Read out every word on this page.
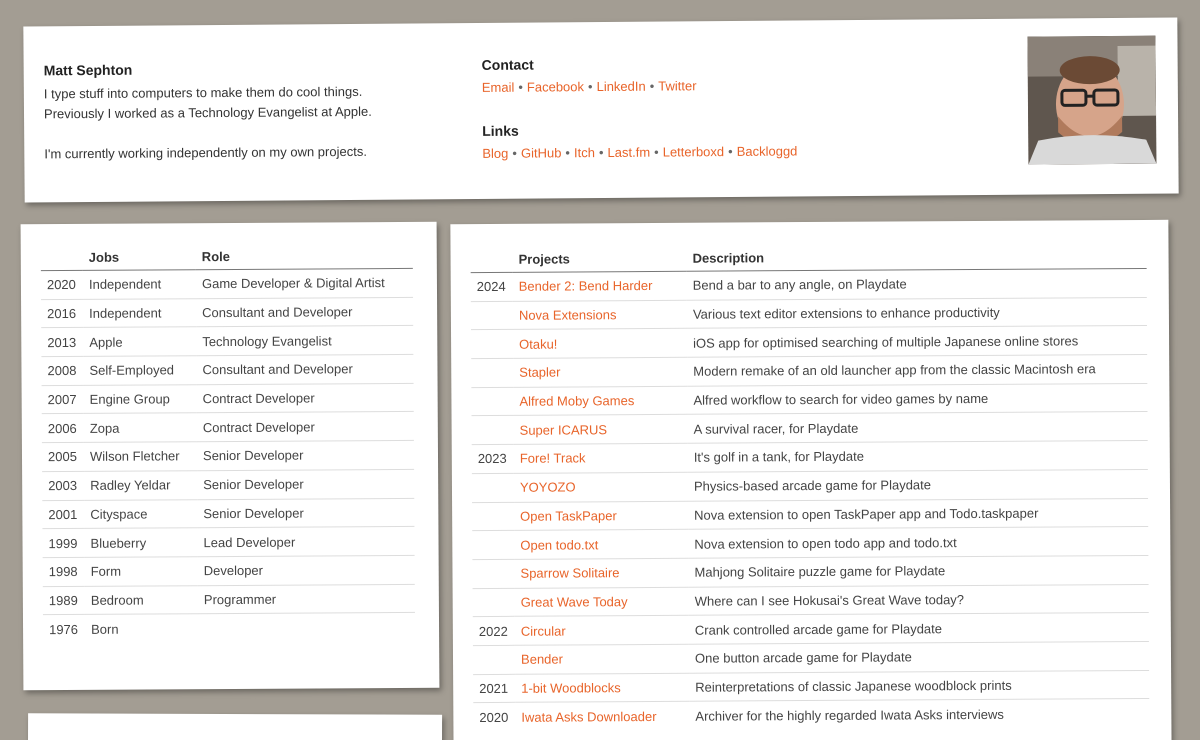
Matt Sephton

I type stuff into computers to make them do cool things.

Previously I worked as a Technology Evangelist at Apple.

I'm currently working independently on my own projects.

Contact
Email • Facebook • LinkedIn • Twitter
Links
Blog • GitHub • Itch • Last.fm • Letterboxd • Backloggd
	Jobs	Role
2020	Independent	Game Developer & Digital Artist
2016	Independent	Consultant and Developer
2013	Apple	Technology Evangelist
2008	Self-Employed	Consultant and Developer
2007	Engine Group	Contract Developer
2006	Zopa	Contract Developer
2005	Wilson Fletcher	Senior Developer
2003	Radley Yeldar	Senior Developer
2001	Cityspace	Senior Developer
1999	Blueberry	Lead Developer
1998	Form	Developer
1989	Bedroom	Programmer
1976	Born	
	Projects	Description
2024	Bender 2: Bend Harder	Bend a bar to any angle, on Playdate
	Nova Extensions	Various text editor extensions to enhance productivity
	Otaku!	iOS app for optimised searching of multiple Japanese online stores
	Stapler	Modern remake of an old launcher app from the classic Macintosh era
	Alfred Moby Games	Alfred workflow to search for video games by name
	Super ICARUS	A survival racer, for Playdate
2023	Fore! Track	It's golf in a tank, for Playdate
	YOYOZO	Physics-based arcade game for Playdate
	Open TaskPaper	Nova extension to open TaskPaper app and Todo.taskpaper
	Open todo.txt	Nova extension to open todo app and todo.txt
	Sparrow Solitaire	Mahjong Solitaire puzzle game for Playdate
	Great Wave Today	Where can I see Hokusai's Great Wave today?
2022	Circular	Crank controlled arcade game for Playdate
	Bender	One button arcade game for Playdate
2021	1-bit Woodblocks	Reinterpretations of classic Japanese woodblock prints
2020	Iwata Asks Downloader	Archiver for the highly regarded Iwata Asks interviews
